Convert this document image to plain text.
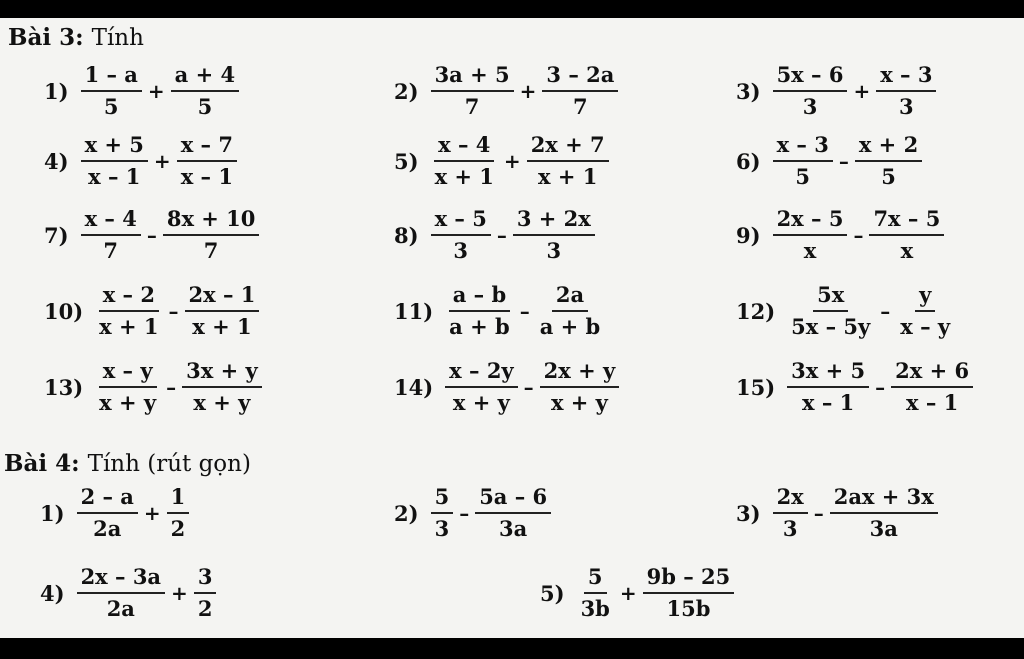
Bài 3: Tính
Bài 4: Tính (rút gọn)
$1) \frac{1 - a}{5} + \frac{a + 4}{5}$	$2) \frac{3a + 5}{7} + \frac{3 - 2a}{7}$	$3) \frac{5x - 6}{3} + \frac{x - 3}{3}$
$4) \frac{x + 5}{x - 1} + \frac{x - 7}{x - 1}$	$5) \frac{x - 4}{x + 1} + \frac{2x + 7}{x + 1}$	$6) \frac{x - 3}{5} - \frac{x + 2}{5}$
$7) \frac{x - 4}{7} - \frac{8x + 10}{7}$	$8) \frac{x - 5}{3} - \frac{3 + 2x}{3}$	$9) \frac{2x - 5}{x} - \frac{7x - 5}{x}$
$10) \frac{x - 2}{x + 1} - \frac{2x - 1}{x + 1}$	$11) \frac{a - b}{a + b} - \frac{2a}{a + b}$	$12) \frac{5x}{5x - 5y} - \frac{y}{x - y}$
$13) \frac{x - y}{x + y} - \frac{3x + y}{x + y}$	$14) \frac{x - 2y}{x + y} - \frac{2x + y}{x + y}$	$15) \frac{3x + 5}{x - 1} - \frac{2x + 6}{x - 1}$
$1) \frac{2 - a}{2a} + \frac{1}{2}$	$2) \frac{5}{3} - \frac{5a - 6}{3a}$	$3) \frac{2x}{3} - \frac{2ax + 3x}{3a}$
$4) \frac{2x - 3a}{2a} + \frac{3}{2}$	$5) \frac{5}{3b} + \frac{9b - 25}{15b}$
